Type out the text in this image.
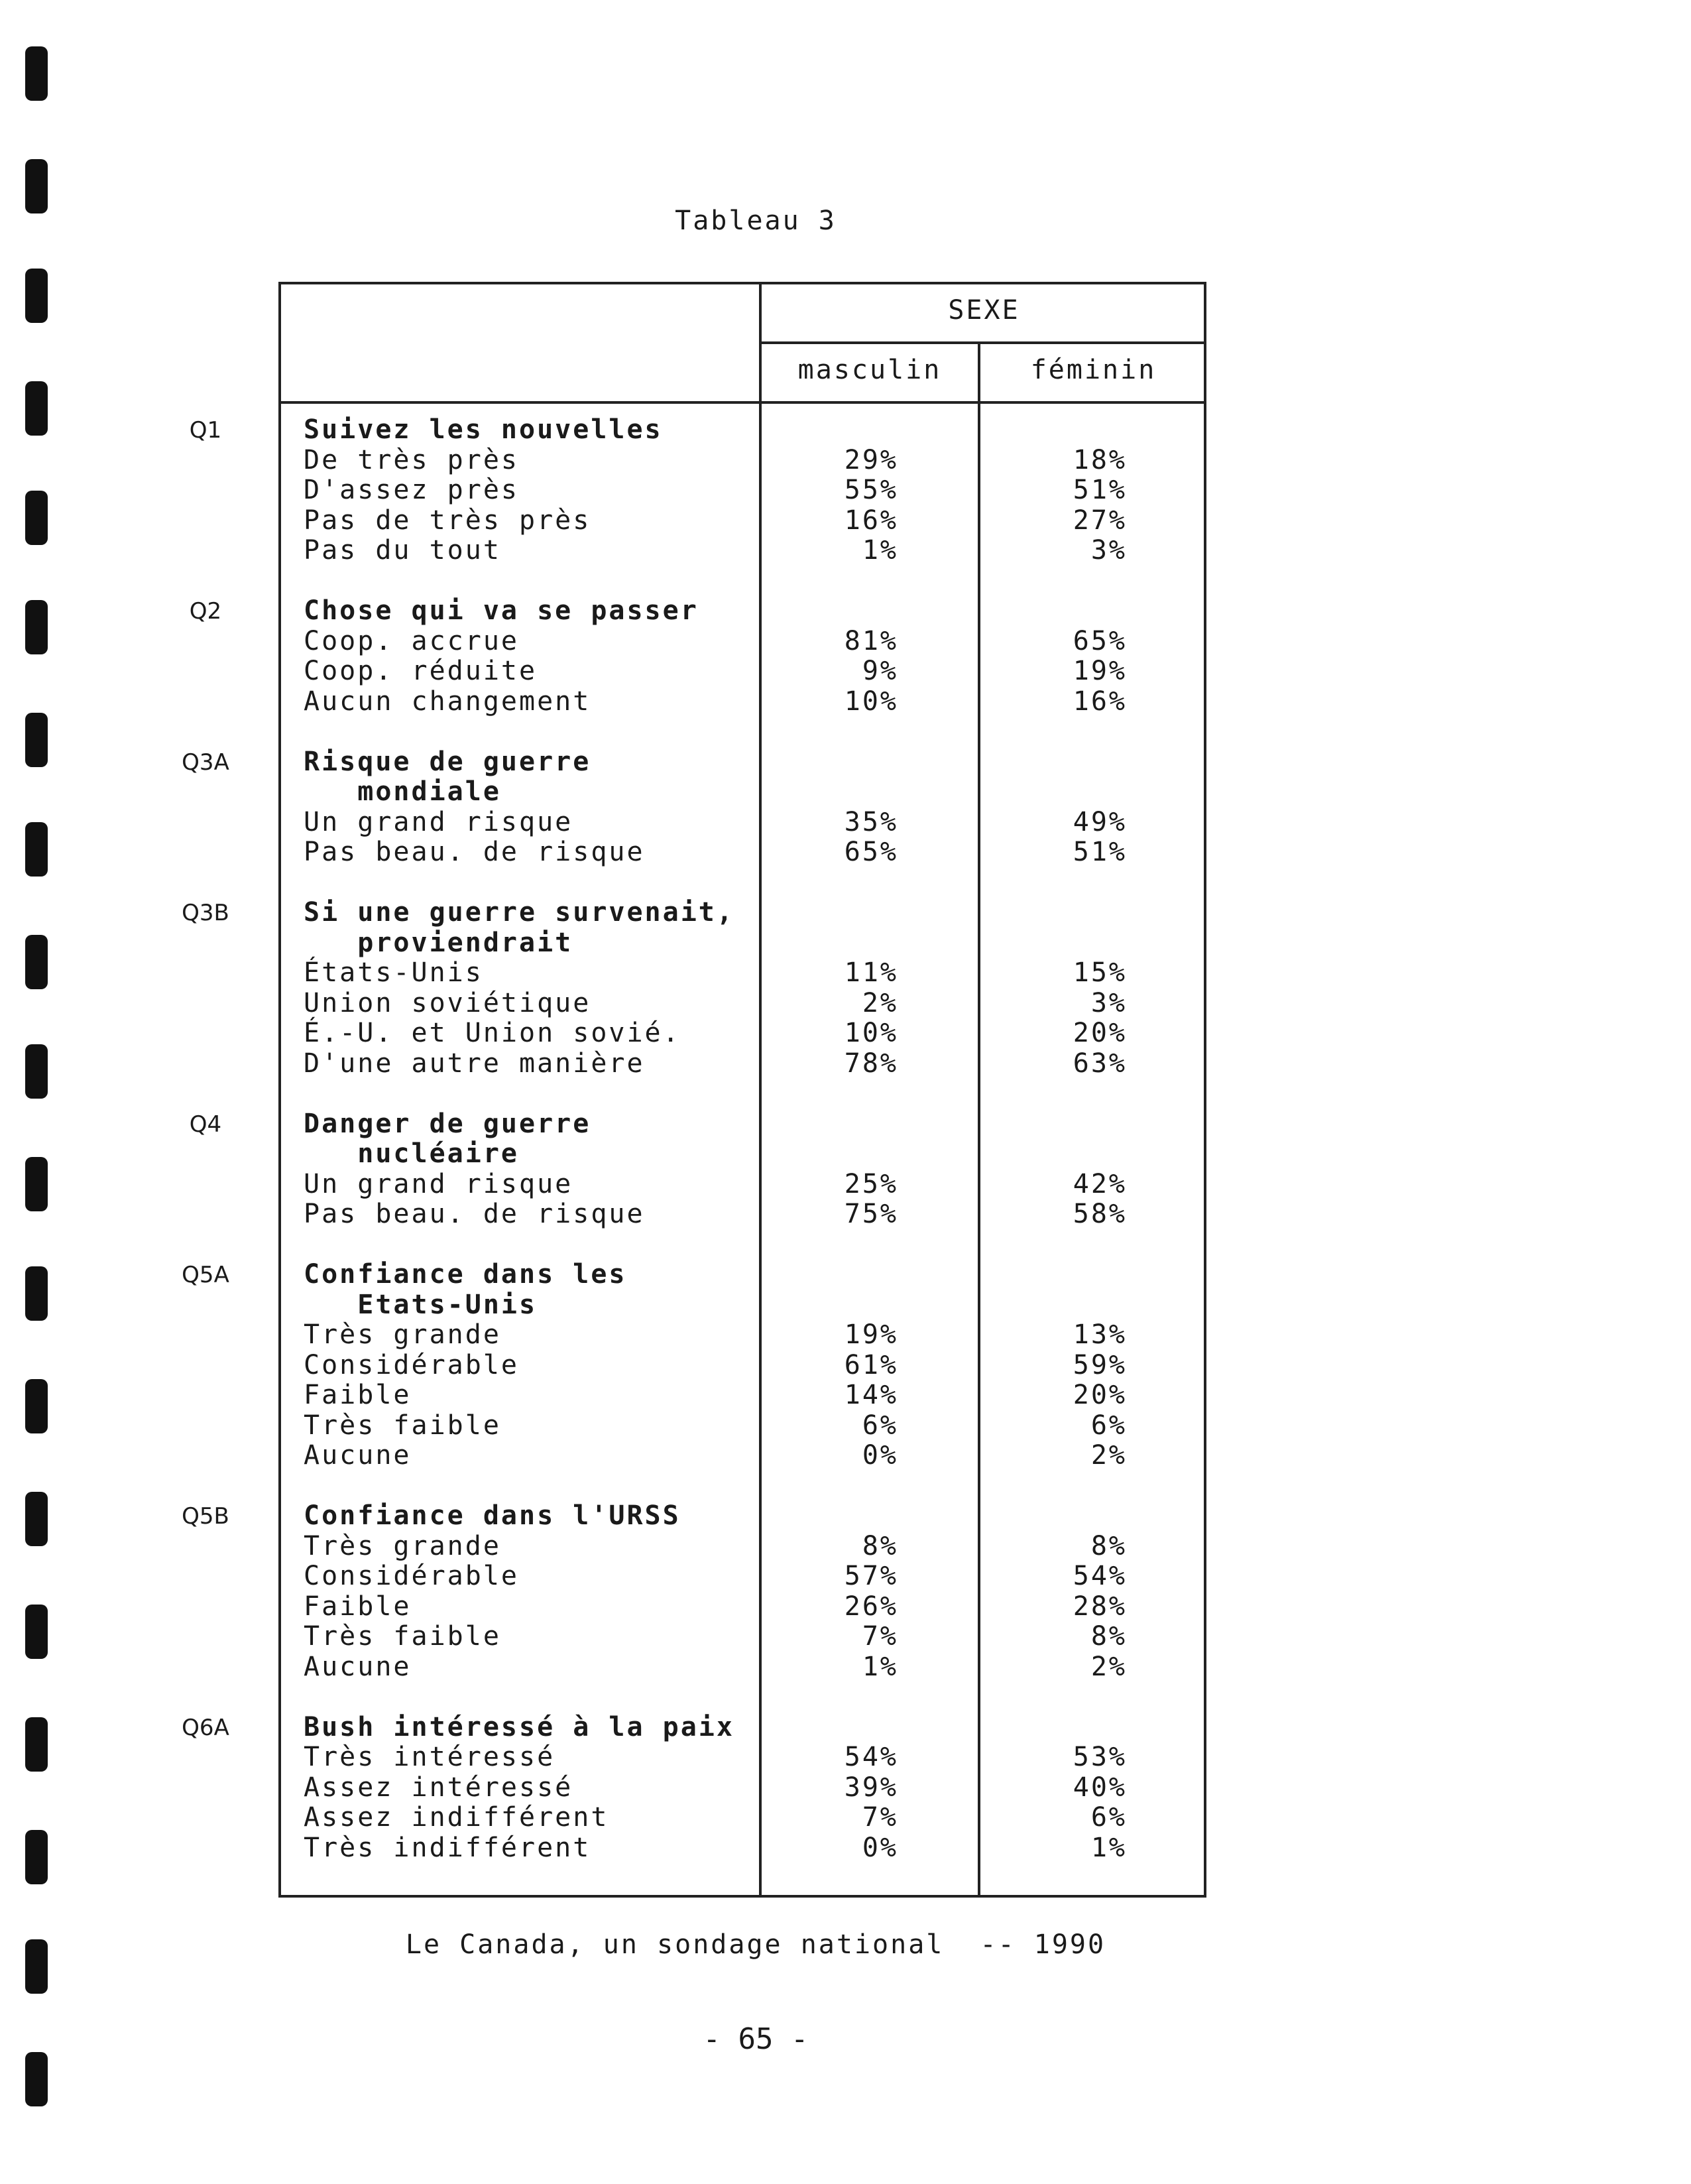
Tableau 3
SEXE
masculin	féminin
Q1	Suivez les nouvelles
De très près	29%	18%
D'assez près	55%	51%
Pas de très près	16%	27%
Pas du tout	1%	3%
Q2	Chose qui va se passer
Coop. accrue	81%	65%
Coop. réduite	9%	19%
Aucun changement	10%	16%
Q3A	Risque de guerre
mondiale
Un grand risque	35%	49%
Pas beau. de risque	65%	51%
Q3B	Si une guerre survenait,
proviendrait
États-Unis	11%	15%
Union soviétique	2%	3%
É.-U. et Union sovié.	10%	20%
D'une autre manière	78%	63%
Q4	Danger de guerre
nucléaire
Un grand risque	25%	42%
Pas beau. de risque	75%	58%
Q5A	Confiance dans les
Etats-Unis
Très grande	19%	13%
Considérable	61%	59%
Faible	14%	20%
Très faible	6%	6%
Aucune	0%	2%
Q5B	Confiance dans l'URSS
Très grande	8%	8%
Considérable	57%	54%
Faible	26%	28%
Très faible	7%	8%
Aucune	1%	2%
Q6A	Bush intéressé à la paix
Très intéressé	54%	53%
Assez intéressé	39%	40%
Assez indifférent	7%	6%
Très indifférent	0%	1%
Le Canada, un sondage national  -- 1990
- 65 -
